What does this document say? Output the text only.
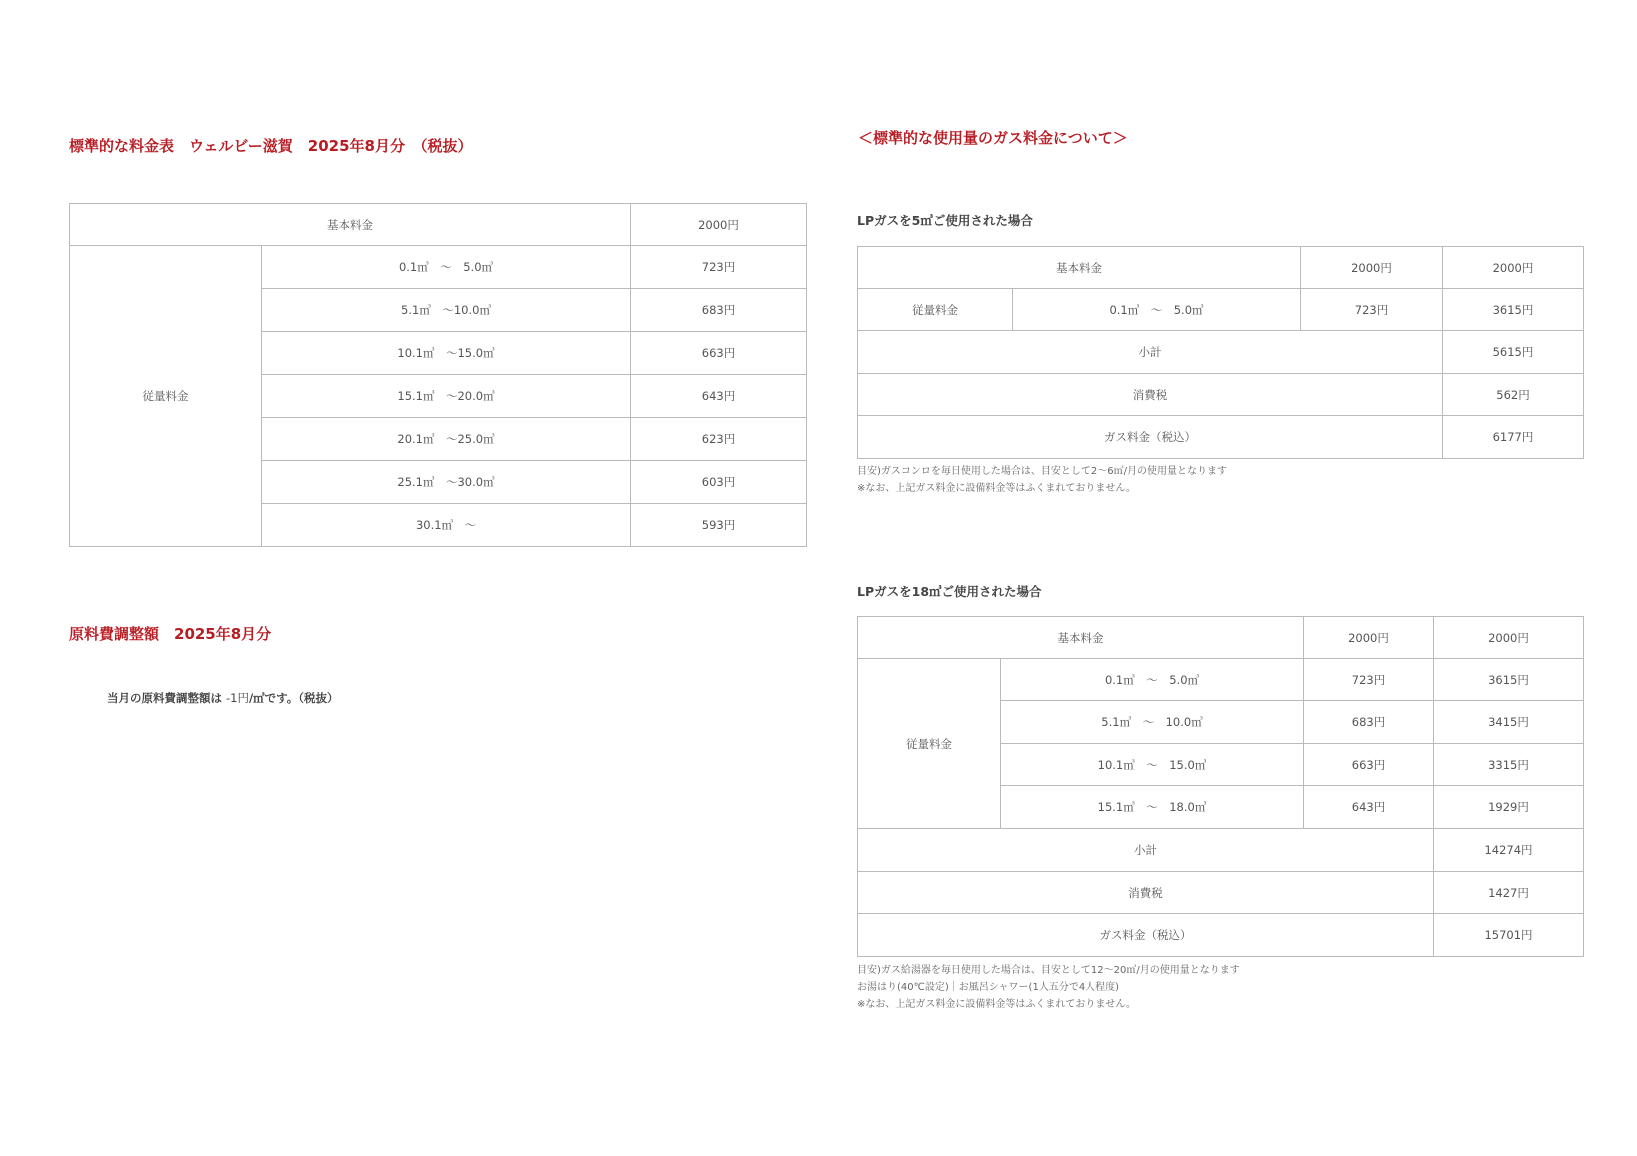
標準的な料金表　ウェルビー滋賀　2025年8月分　（税抜）
基本料金		2000円
従量料金	0.1㎥　～　5.0㎥	723円
	5.1㎥　～10.0㎥	683円
	10.1㎥　～15.0㎥	663円
	15.1㎥　～20.0㎥	643円
	20.1㎥　～25.0㎥	623円
	25.1㎥　～30.0㎥	603円
	30.1㎥　～	593円
原料費調整額　2025年8月分

当月の原料費調整額は -1円/㎥です。（税抜）

＜標準的な使用量のガス料金について＞
LPガスを5㎥ご使用された場合
基本料金		2000円	2000円
従量料金	0.1㎥　～　5.0㎥	723円	3615円
小計			5615円
消費税			562円
ガス料金（税込）			6177円
目安)ガスコンロを毎日使用した場合は、目安として2～6㎥/月の使用量となります
※なお、上記ガス料金に設備料金等はふくまれておりません。
LPガスを18㎥ご使用された場合
基本料金		2000円	2000円
従量料金	0.1㎥　～　5.0㎥	723円	3615円
	5.1㎥　～　10.0㎥	683円	3415円
	10.1㎥　～　15.0㎥	663円	3315円
	15.1㎥　～　18.0㎥	643円	1929円
小計			14274円
消費税			1427円
ガス料金（税込）			15701円
目安)ガス給湯器を毎日使用した場合は、目安として12～20㎥/月の使用量となります
お湯はり(40℃設定)｜お風呂シャワー(1人五分で4人程度)
※なお、上記ガス料金に設備料金等はふくまれておりません。
